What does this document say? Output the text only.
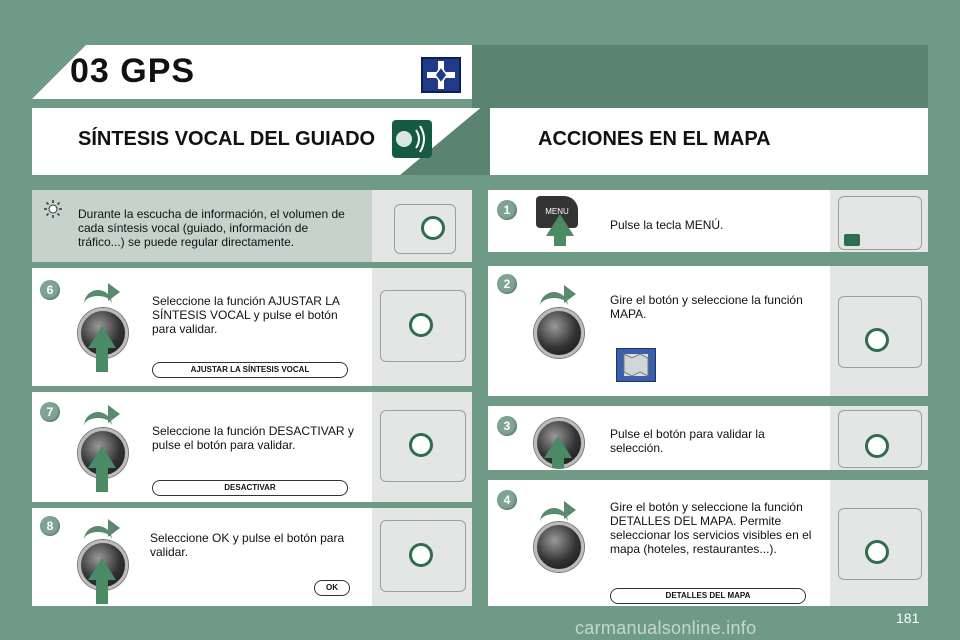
03 GPS
SÍNTESIS VOCAL DEL GUIADO	ACCIONES EN EL MAPA
Durante la escucha de información, el volumen de cada síntesis vocal (guiado, información de tráfico...) se puede regular directamente.
6
Seleccione la función AJUSTAR LA SÍNTESIS VOCAL y pulse el botón para validar.
AJUSTAR LA SÍNTESIS VOCAL
7
Seleccione la función DESACTIVAR y pulse el botón para validar.
DESACTIVAR
8
Seleccione OK y pulse el botón para validar.
OK
1	MENU
Pulse la tecla MENÚ.
2
Gire el botón y seleccione la función MAPA.
3
Pulse el botón para validar la selección.
4	Gire el botón y seleccione la función DETALLES DEL MAPA. Permite seleccionar los servicios visibles en el mapa (hoteles, restaurantes...).
DETALLES DEL MAPA
carmanualsonline.info	181
